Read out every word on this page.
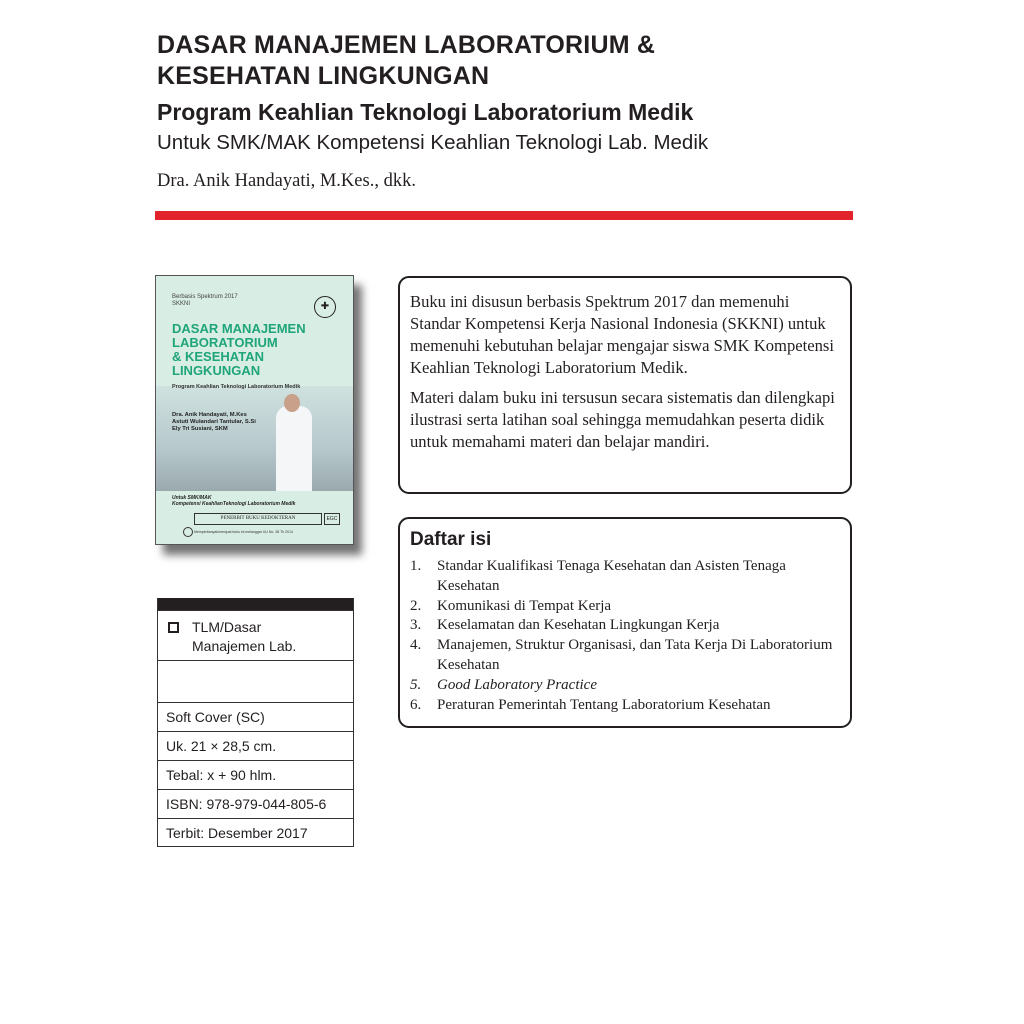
DASAR MANAJEMEN LABORATORIUM &
KESEHATAN LINGKUNGAN
Program Keahlian Teknologi Laboratorium Medik
Untuk SMK/MAK Kompetensi Keahlian Teknologi Lab. Medik
Dra. Anik Handayati, M.Kes., dkk.
Berbasis Spektrum 2017
SKKNI	✚
DASAR MANAJEMEN
LABORATORIUM
& KESEHATAN
LINGKUNGAN
Program Keahlian Teknologi Laboratorium Medik
Dra. Anik Handayati, M.Kes
Astuti Wulandari Tantular, S.Si
Ely Tri Susiani, SKM
Untuk SMK/MAK
Kompetensi KeahlianTeknologi Laboratorium Medik
PENERBIT BUKU KEDOKTERAN	EGC
Memperbanyak/menjual buku ini melanggar UU No. 28 Th 2014
TLM/Dasar Manajemen Lab.
Soft Cover (SC)
Uk. 21 × 28,5 cm.
Tebal: x + 90 hlm.
ISBN: 978-979-044-805-6
Terbit: Desember 2017

Buku ini disusun berbasis Spektrum 2017 dan memenuhi Standar Kompetensi Kerja Nasional Indonesia (SKKNI) untuk memenuhi kebutuhan belajar mengajar siswa SMK Kompetensi Keahlian Teknologi Laboratorium Medik.

Materi dalam buku ini tersusun secara sistematis dan dilengkapi ilustrasi serta latihan soal sehingga memudahkan peserta didik untuk memahami materi dan belajar mandiri.

Daftar isi
1.	Standar Kualifikasi Tenaga Kesehatan dan Asisten Tenaga Kesehatan
2.	Komunikasi di Tempat Kerja
3.	Keselamatan dan Kesehatan Lingkungan Kerja
4.	Manajemen, Struktur Organisasi, dan Tata Kerja Di Laboratorium Kesehatan
5.	Good Laboratory Practice
6.	Peraturan Pemerintah Tentang Laboratorium Kesehatan
